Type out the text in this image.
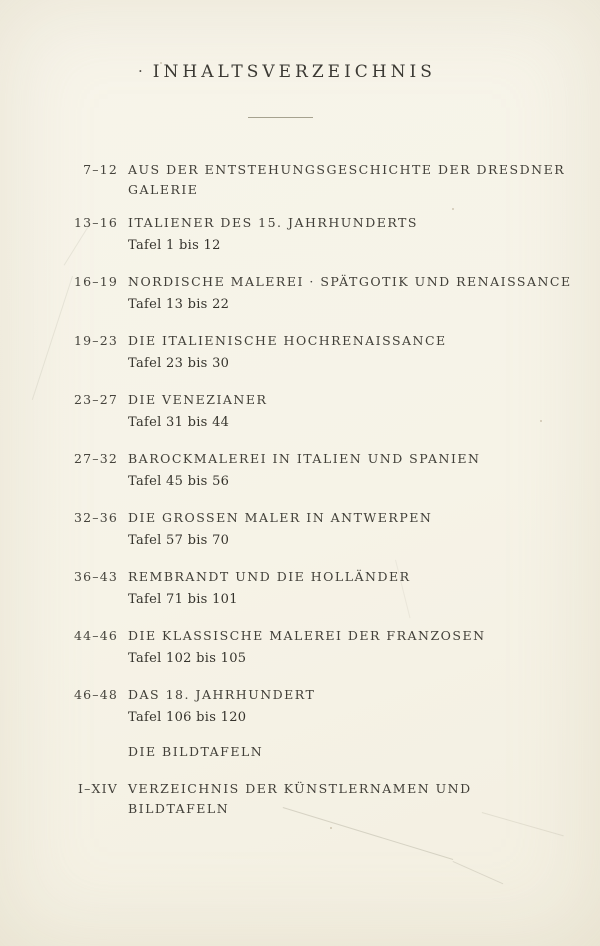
· INHALTSVERZEICHNIS
7–12 AUS DER ENTSTEHUNGSGESCHICHTE DER DRESDNER
GALERIE
13–16 ITALIENER DES 15. JAHRHUNDERTS
Tafel 1 bis 12
16–19 NORDISCHE MALEREI · SPÄTGOTIK UND RENAISSANCE
Tafel 13 bis 22
19–23 DIE ITALIENISCHE HOCHRENAISSANCE
Tafel 23 bis 30
23–27 DIE VENEZIANER
Tafel 31 bis 44
27–32 BAROCKMALEREI IN ITALIEN UND SPANIEN
Tafel 45 bis 56
32–36 DIE GROSSEN MALER IN ANTWERPEN
Tafel 57 bis 70
36–43 REMBRANDT UND DIE HOLLÄNDER
Tafel 71 bis 101
44–46 DIE KLASSISCHE MALEREI DER FRANZOSEN
Tafel 102 bis 105
46–48 DAS 18. JAHRHUNDERT
Tafel 106 bis 120
DIE BILDTAFELN
I–XIV VERZEICHNIS DER KÜNSTLERNAMEN UND
BILDTAFELN
